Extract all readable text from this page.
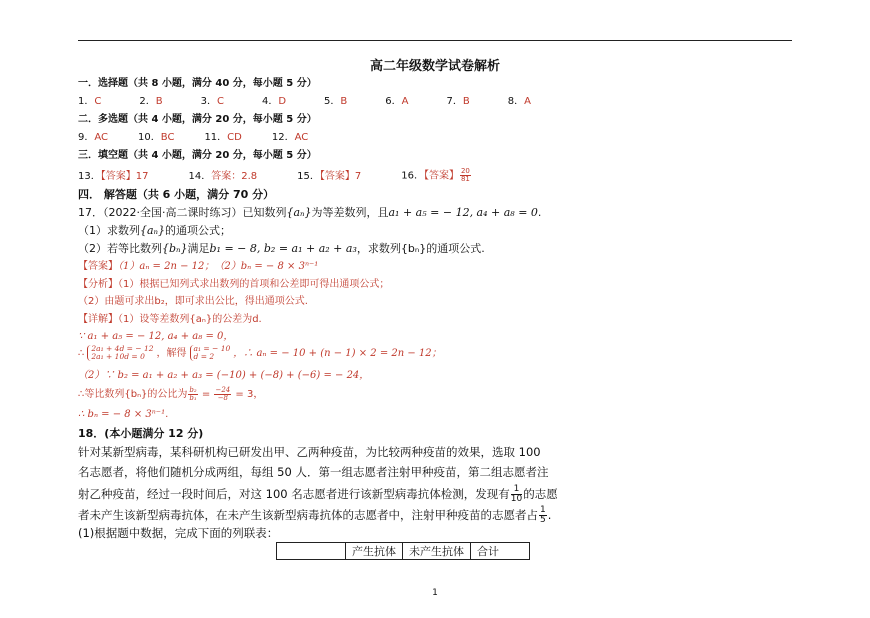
高二年级数学试卷解析
一．选择题（共 8 小题，满分 40 分，每小题 5 分）
1．C	2．B	3．C	4．D	5．B	6．A	7．B	8．A
二．多选题（共 4 小题，满分 20 分，每小题 5 分）
9．AC	10．BC	11．CD	12．AC
三．填空题（共 4 小题，满分 20 分，每小题 5 分）
13．【答案】17	14．答案：2.8	15．【答案】7	16．【答案】 $\frac{20}{81}$
四． 解答题（共 6 小题，满分 70 分）
17．（2022·全国·高二课时练习）已知数列{aₙ}为等差数列，且a₁ + a₅ = − 12, a₄ + a₈ = 0.
（1）求数列{aₙ}的通项公式；
（2）若等比数列{bₙ}满足b₁ = − 8, b₂ = a₁ + a₂ + a₃，求数列{bₙ}的通项公式.
【答案】（1）aₙ = 2n − 12；（2）bₙ = − 8 × 3ⁿ⁻¹
【分析】（1）根据已知列式求出数列的首项和公差即可得出通项公式；
（2）由题可求出b₂，即可求出公比，得出通项公式.
【详解】（1）设等差数列{aₙ}的公差为d.
∵ a₁ + a₅ = − 12, a₄ + a₈ = 0，
∴ 2a₁ + 4d = − 12
2a₁ + 10d = 0	，解得 a₁ = − 10
d = 2	，∴ aₙ = − 10 + (n − 1) × 2 = 2n − 12；
（2）∵ b₂ = a₁ + a₂ + a₃ = (−10) + (−8) + (−6) = − 24，
∴等比数列{bₙ}的公比为 $\frac{\text{b₂}}{\text{b₁}} = \frac{-24}{-8} = 3$，
∴ bₙ = − 8 × 3ⁿ⁻¹.
18．(本小题满分 12 分)
针对某新型病毒，某科研机构已研发出甲、乙两种疫苗，为比较两种疫苗的效果，选取 100
名志愿者，将他们随机分成两组，每组 50 人．第一组志愿者注射甲种疫苗，第二组志愿者注
射乙种疫苗，经过一段时间后，对这 100 名志愿者进行该新型病毒抗体检测，发现有 $\frac{1}{10}$ 的志愿
者未产生该新型病毒抗体，在未产生该新型病毒抗体的志愿者中，注射甲种疫苗的志愿者占 $\frac{1}{5}$ .
(1)根据题中数据，完成下面的列联表：
	产生抗体	未产生抗体	合计
1
